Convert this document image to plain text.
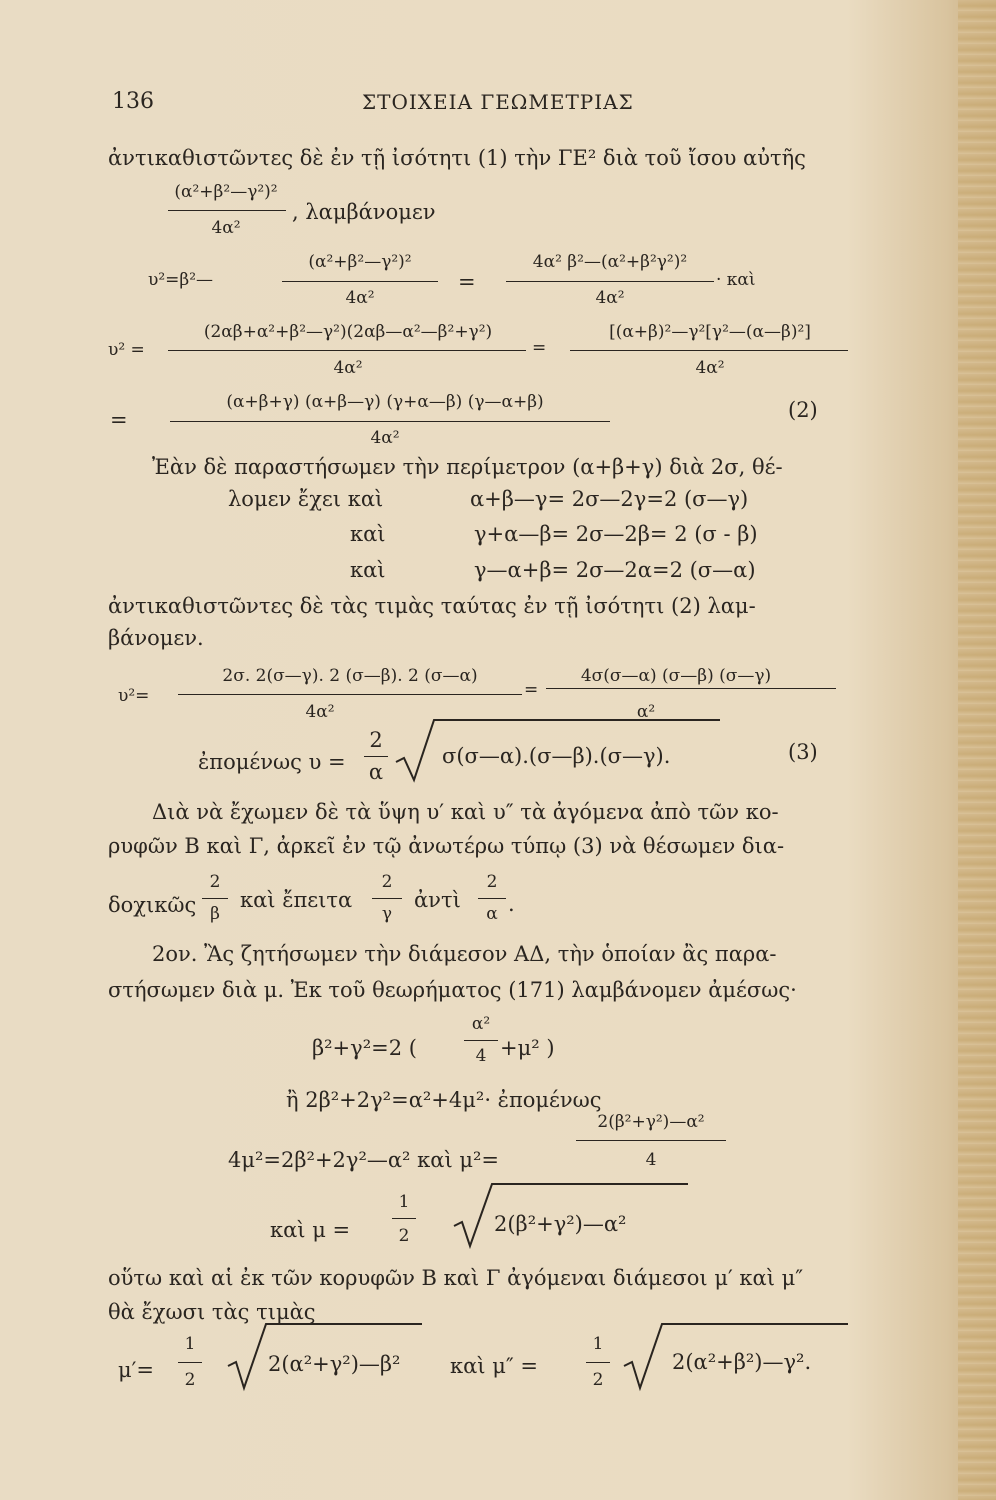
136	ΣΤΟΙΧΕΙΑ ΓΕΩΜΕΤΡΙΑΣ
ἀντικαθιστῶντες δὲ ἐν τῇ ἰσότητι (1) τὴν ΓΕ² διὰ τοῦ ἴσου αὐτῆς
(α²+β²—γ²)²
4α²
, λαμβάνομεν
υ²=β²—
(α²+β²—γ²)²
4α²
=
4α² β²—(α²+β²γ²)²
4α²
· καὶ
υ² =
(2αβ+α²+β²—γ²)(2αβ—α²—β²+γ²)
4α²
=
[(α+β)²—γ²[γ²—(α—β)²]
4α²
=
(α+β+γ) (α+β—γ) (γ+α—β) (γ—α+β)
4α²
(2)
Ἐὰν δὲ παραστήσωμεν τὴν περίμετρον (α+β+γ) διὰ 2σ, θέ-
λομεν ἔχει καὶ	α+β—γ= 2σ—2γ=2 (σ—γ)
καὶ	γ+α—β= 2σ—2β= 2 (σ - β)
καὶ	γ—α+β= 2σ—2α=2 (σ—α)
ἀντικαθιστῶντες δὲ τὰς τιμὰς ταύτας ἐν τῇ ἰσότητι (2) λαμ-
βάνομεν.
υ²=
2σ. 2(σ—γ). 2 (σ—β). 2 (σ—α)
4α²
=
4σ(σ—α) (σ—β) (σ—γ)
α²
ἐπομένως υ =
2
α
σ(σ—α).(σ—β).(σ—γ).	(3)
Διὰ νὰ ἔχωμεν δὲ τὰ ὕψη υ′ καὶ υ″ τὰ ἀγόμενα ἀπὸ τῶν κο-
ρυφῶν Β καὶ Γ, ἀρκεῖ ἐν τῷ ἀνωτέρω τύπῳ (3) νὰ θέσωμεν δια-
δοχικῶς
2
β
καὶ ἔπειτα
2
γ
ἀντὶ
2
α .
2ον. Ἂς ζητήσωμεν τὴν διάμεσον ΑΔ, τὴν ὁποίαν ἂς παρα-
στήσωμεν διὰ μ. Ἐκ τοῦ θεωρήματος (171) λαμβάνομεν ἀμέσως·
β²+γ²=2 (
α²
4 +μ² )
ἢ 2β²+2γ²=α²+4μ²· ἐπομένως
4μ²=2β²+2γ²—α² καὶ μ²=
2(β²+γ²)—α²
4
καὶ μ =
1
2	2(β²+γ²)—α²
οὕτω καὶ αἱ ἐκ τῶν κορυφῶν Β καὶ Γ ἀγόμεναι διάμεσοι μ′ καὶ μ″
θὰ ἔχωσι τὰς τιμὰς
μ′=
1
2
2(α²+γ²)—β² καὶ μ″ =
1
2
2(α²+β²)—γ².
